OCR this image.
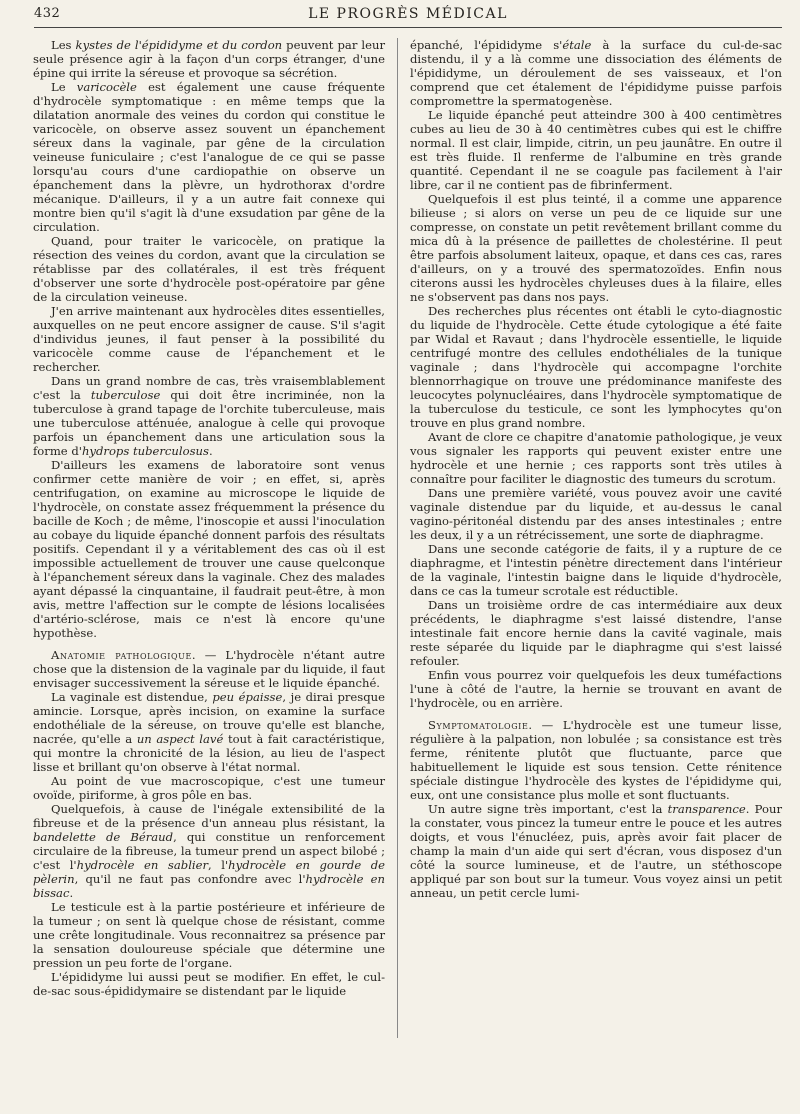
432	LE PROGRÈS MÉDICAL

Les kystes de l'épididyme et du cordon peuvent par leur seule présence agir à la façon d'un corps étranger, d'une épine qui irrite la séreuse et provoque sa sécrétion.

Le varicocèle est également une cause fréquente d'hydrocèle symptomatique : en même temps que la dilatation anormale des veines du cordon qui constitue le varicocèle, on observe assez souvent un épanchement séreux dans la vaginale, par gêne de la circulation veineuse funiculaire ; c'est l'analogue de ce qui se passe lorsqu'au cours d'une cardiopathie on observe un épanchement dans la plèvre, un hydrothorax d'ordre mécanique. D'ailleurs, il y a un autre fait connexe qui montre bien qu'il s'agit là d'une exsudation par gêne de la circulation.

Quand, pour traiter le varicocèle, on pratique la résection des veines du cordon, avant que la circulation se rétablisse par des collatérales, il est très fréquent d'observer une sorte d'hydrocèle post-opératoire par gêne de la circulation veineuse.

J'en arrive maintenant aux hydrocèles dites essentielles, auxquelles on ne peut encore assigner de cause. S'il s'agit d'individus jeunes, il faut penser à la possibilité du varicocèle comme cause de l'épanchement et le rechercher.

Dans un grand nombre de cas, très vraisemblablement c'est la tuberculose qui doit être incriminée, non la tuberculose à grand tapage de l'orchite tuberculeuse, mais une tuberculose atténuée, analogue à celle qui provoque parfois un épanchement dans une articulation sous la forme d'hydrops tuberculosus.

D'ailleurs les examens de laboratoire sont venus confirmer cette manière de voir ; en effet, si, après centrifugation, on examine au microscope le liquide de l'hydrocèle, on constate assez fréquemment la présence du bacille de Koch ; de même, l'inoscopie et aussi l'inoculation au cobaye du liquide épanché donnent parfois des résultats positifs. Cependant il y a véritablement des cas où il est impossible actuellement de trouver une cause quelconque à l'épanchement séreux dans la vaginale. Chez des malades ayant dépassé la cinquantaine, il faudrait peut-être, à mon avis, mettre l'affection sur le compte de lésions localisées d'artério-sclérose, mais ce n'est là encore qu'une hypothèse.

Anatomie pathologique. — L'hydrocèle n'étant autre chose que la distension de la vaginale par du liquide, il faut envisager successivement la séreuse et le liquide épanché.

La vaginale est distendue, peu épaisse, je dirai presque amincie. Lorsque, après incision, on examine la surface endothéliale de la séreuse, on trouve qu'elle est blanche, nacrée, qu'elle a un aspect lavé tout à fait caractéristique, qui montre la chronicité de la lésion, au lieu de l'aspect lisse et brillant qu'on observe à l'état normal.

Au point de vue macroscopique, c'est une tumeur ovoïde, piriforme, à gros pôle en bas.

Quelquefois, à cause de l'inégale extensibilité de la fibreuse et de la présence d'un anneau plus résistant, la bandelette de Béraud, qui constitue un renforcement circulaire de la fibreuse, la tumeur prend un aspect bilobé ; c'est l'hydrocèle en sablier, l'hydrocèle en gourde de pèlerin, qu'il ne faut pas confondre avec l'hydrocèle en bissac.

Le testicule est à la partie postérieure et inférieure de la tumeur ; on sent là quelque chose de résistant, comme une crête longitudinale. Vous reconnaitrez sa présence par la sensation douloureuse spéciale que détermine une pression un peu forte de l'organe.

L'épididyme lui aussi peut se modifier. En effet, le cul-de-sac sous-épididymaire se distendant par le liquide

épanché, l'épididyme s'étale à la surface du cul-de-sac distendu, il y a là comme une dissociation des éléments de l'épididyme, un déroulement de ses vaisseaux, et l'on comprend que cet étalement de l'épididyme puisse parfois compromettre la spermatogenèse.

Le liquide épanché peut atteindre 300 à 400 centimètres cubes au lieu de 30 à 40 centimètres cubes qui est le chiffre normal. Il est clair, limpide, citrin, un peu jaunâtre. En outre il est très fluide. Il renferme de l'albumine en très grande quantité. Cependant il ne se coagule pas facilement à l'air libre, car il ne contient pas de fibrinferment.

Quelquefois il est plus teinté, il a comme une apparence bilieuse ; si alors on verse un peu de ce liquide sur une compresse, on constate un petit revêtement brillant comme du mica dû à la présence de paillettes de cholestérine. Il peut être parfois absolument laiteux, opaque, et dans ces cas, rares d'ailleurs, on y a trouvé des spermatozoïdes. Enfin nous citerons aussi les hydrocèles chyleuses dues à la filaire, elles ne s'observent pas dans nos pays.

Des recherches plus récentes ont établi le cyto-diagnostic du liquide de l'hydrocèle. Cette étude cytologique a été faite par Widal et Ravaut ; dans l'hydrocèle essentielle, le liquide centrifugé montre des cellules endothéliales de la tunique vaginale ; dans l'hydrocèle qui accompagne l'orchite blennorrhagique on trouve une prédominance manifeste des leucocytes polynucléaires, dans l'hydrocèle symptomatique de la tuberculose du testicule, ce sont les lymphocytes qu'on trouve en plus grand nombre.

Avant de clore ce chapitre d'anatomie pathologique, je veux vous signaler les rapports qui peuvent exister entre une hydrocèle et une hernie ; ces rapports sont très utiles à connaître pour faciliter le diagnostic des tumeurs du scrotum.

Dans une première variété, vous pouvez avoir une cavité vaginale distendue par du liquide, et au-dessus le canal vagino-péritonéal distendu par des anses intestinales ; entre les deux, il y a un rétrécissement, une sorte de diaphragme.

Dans une seconde catégorie de faits, il y a rupture de ce diaphragme, et l'intestin pénètre directement dans l'intérieur de la vaginale, l'intestin baigne dans le liquide d'hydrocèle, dans ce cas la tumeur scrotale est réductible.

Dans un troisième ordre de cas intermédiaire aux deux précédents, le diaphragme s'est laissé distendre, l'anse intestinale fait encore hernie dans la cavité vaginale, mais reste séparée du liquide par le diaphragme qui s'est laissé refouler.

Enfin vous pourrez voir quelquefois les deux tuméfactions l'une à côté de l'autre, la hernie se trouvant en avant de l'hydrocèle, ou en arrière.

Symptomatologie. — L'hydrocèle est une tumeur lisse, régulière à la palpation, non lobulée ; sa consistance est très ferme, rénitente plutôt que fluctuante, parce que habituellement le liquide est sous tension. Cette rénitence spéciale distingue l'hydrocèle des kystes de l'épididyme qui, eux, ont une consistance plus molle et sont fluctuants.

Un autre signe très important, c'est la transparence. Pour la constater, vous pincez la tumeur entre le pouce et les autres doigts, et vous l'énucléez, puis, après avoir fait placer de champ la main d'un aide qui sert d'écran, vous disposez d'un côté la source lumineuse, et de l'autre, un stéthoscope appliqué par son bout sur la tumeur. Vous voyez ainsi un petit anneau, un petit cercle lumi-
